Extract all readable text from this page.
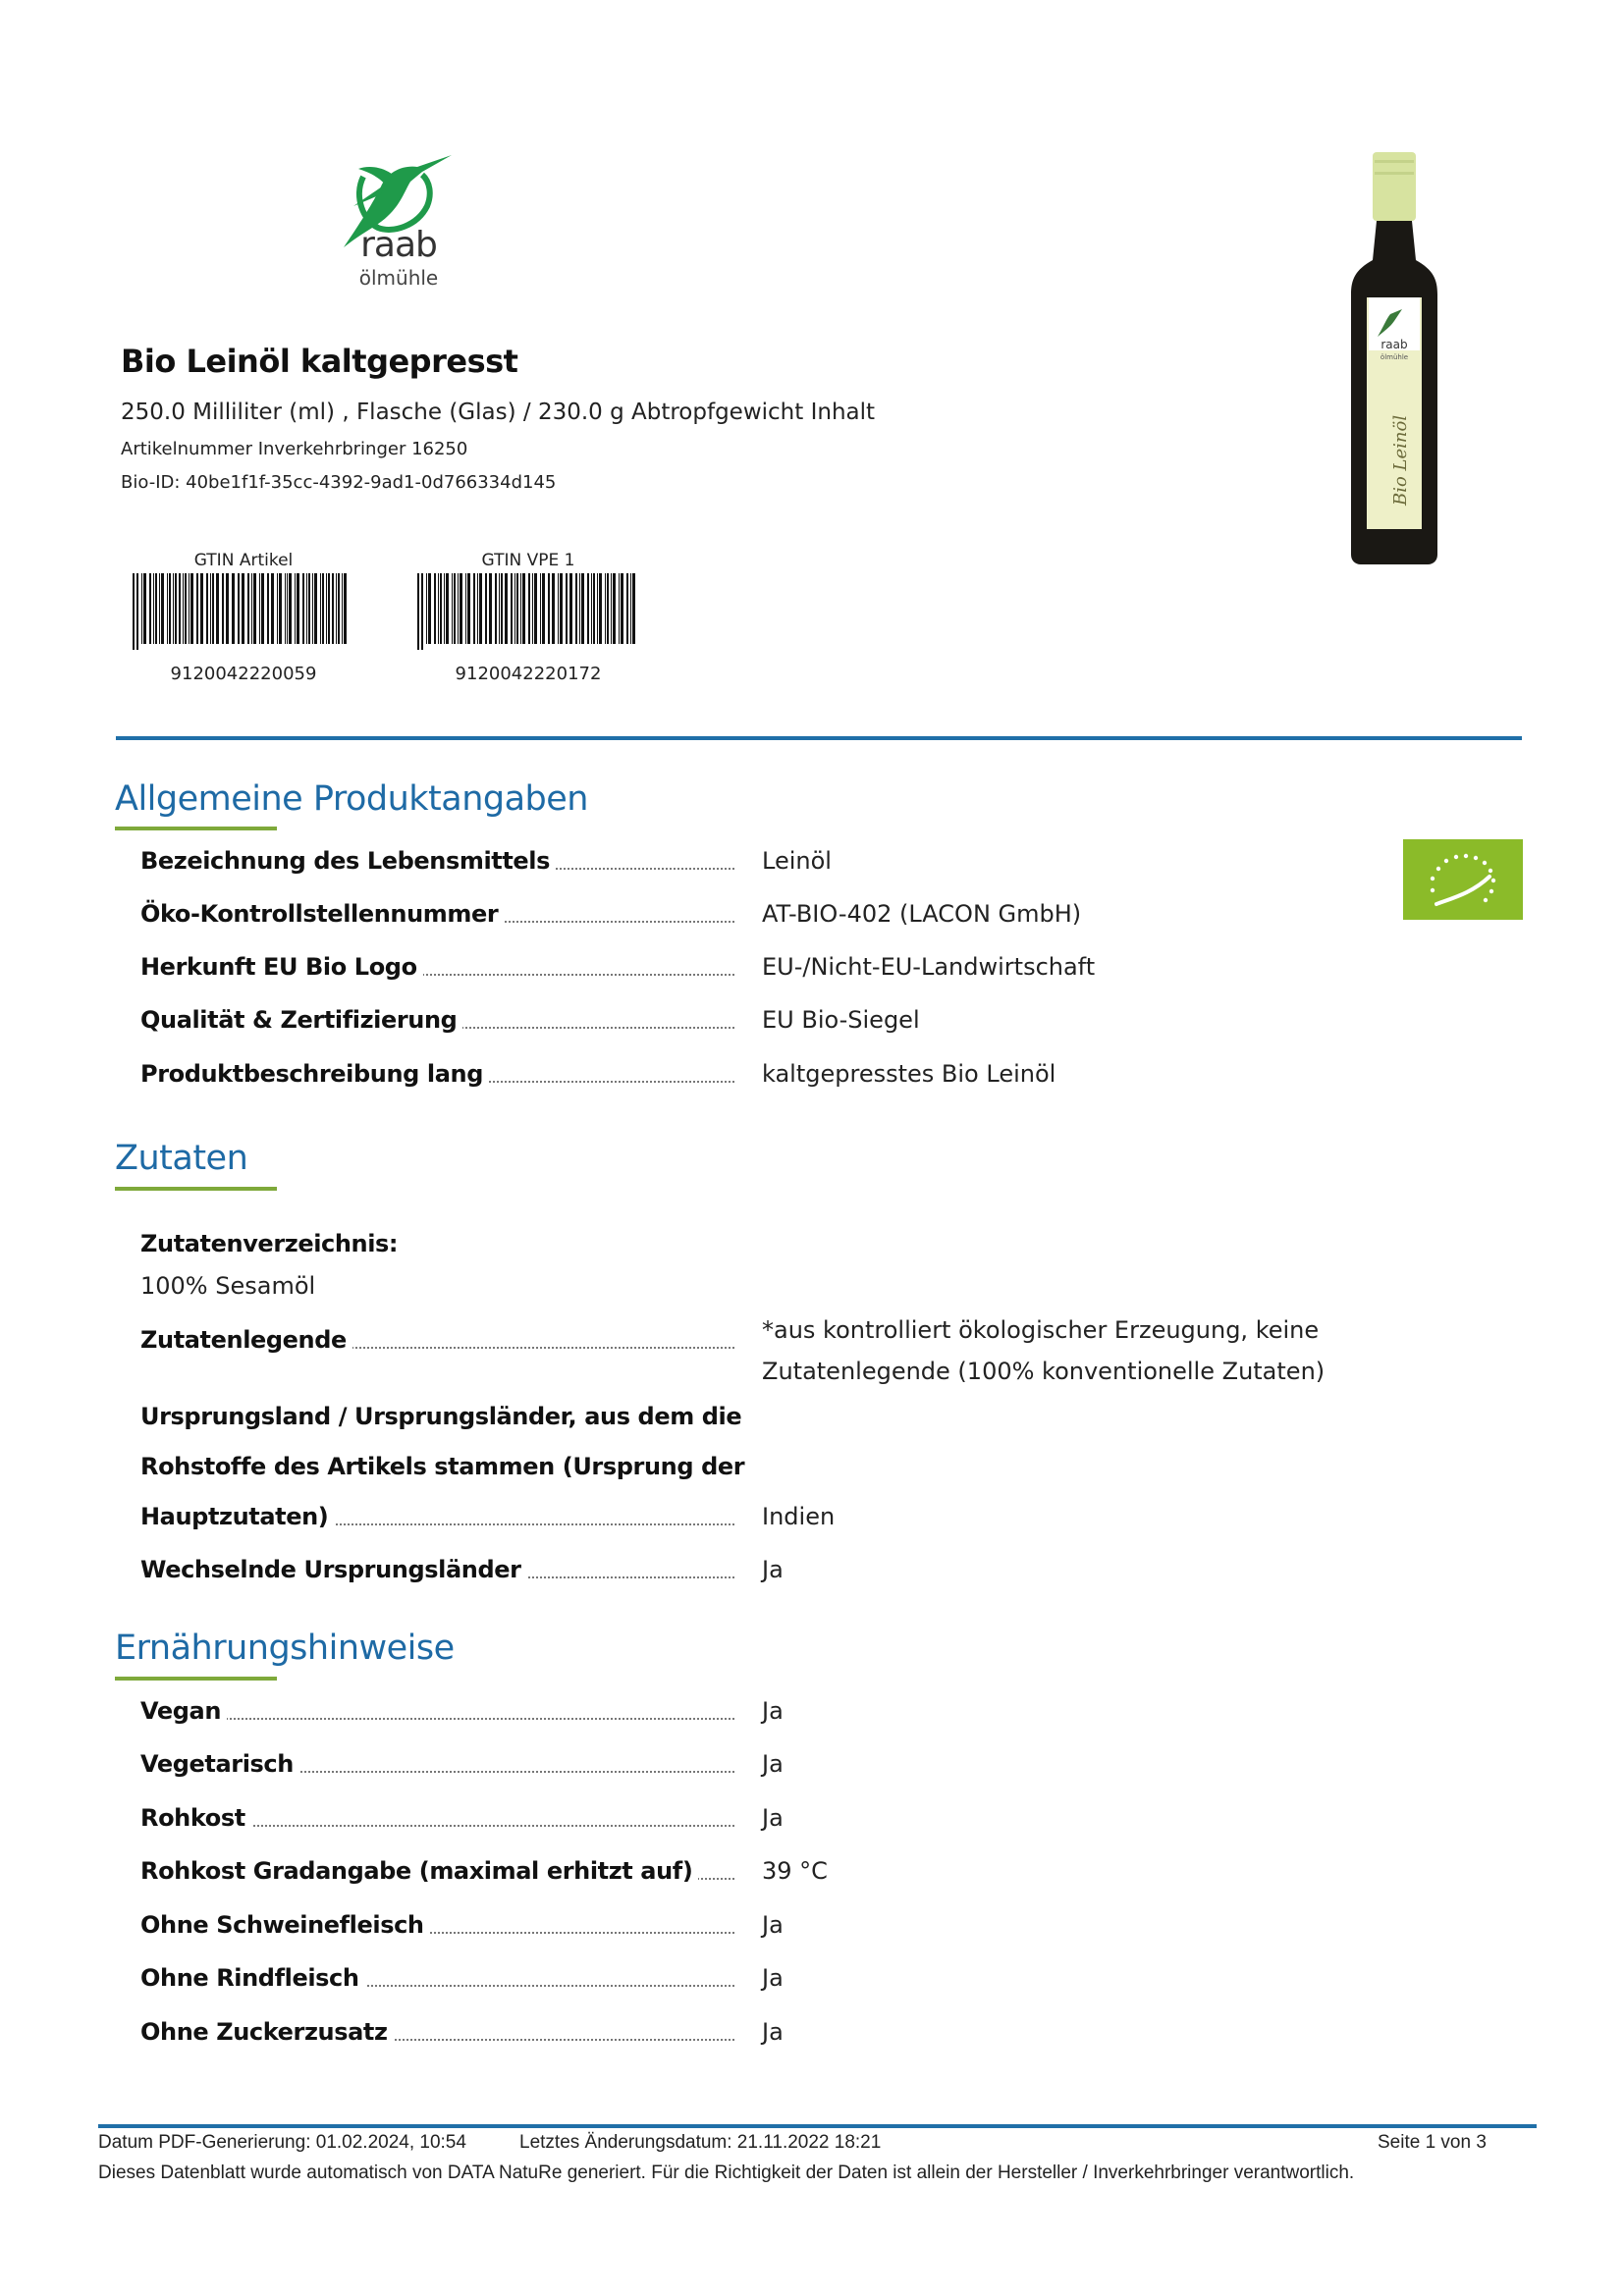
raab
ölmühle
Bio Leinöl kaltgepresst
250.0 Milliliter (ml) , Flasche (Glas) / 230.0 g Abtropfgewicht Inhalt
Artikelnummer Inverkehrbringer 16250
Bio-ID: 40be1f1f-35cc-4392-9ad1-0d766334d145
GTIN Artikel
9120042220059
GTIN VPE 1
9120042220172
raab
ölmühle
Bio Leinöl
Allgemeine Produktangaben
Bezeichnung des Lebensmittels	Leinöl
Öko-Kontrollstellennummer	AT-BIO-402 (LACON GmbH)
Herkunft EU Bio Logo	EU-/Nicht-EU-Landwirtschaft
Qualität & Zertifizierung	EU Bio-Siegel
Produktbeschreibung lang	kaltgepresstes Bio Leinöl
Zutaten
Zutatenverzeichnis:
100% Sesamöl
Zutatenlegende	*aus kontrolliert ökologischer Erzeugung, keine
Zutatenlegende (100% konventionelle Zutaten)
Ursprungsland / Ursprungsländer, aus dem die
Rohstoffe des Artikels stammen (Ursprung der
Hauptzutaten)	Indien
Wechselnde Ursprungsländer	Ja
Ernährungshinweise
Vegan	Ja
Vegetarisch	Ja
Rohkost	Ja
Rohkost Gradangabe (maximal erhitzt auf)	39 °C
Ohne Schweinefleisch	Ja
Ohne Rindfleisch	Ja
Ohne Zuckerzusatz	Ja
Datum PDF-Generierung: 01.02.2024, 10:54	Letztes Änderungsdatum: 21.11.2022 18:21	Seite 1 von 3
Dieses Datenblatt wurde automatisch von DATA NatuRe generiert. Für die Richtigkeit der Daten ist allein der Hersteller / Inverkehrbringer verantwortlich.
